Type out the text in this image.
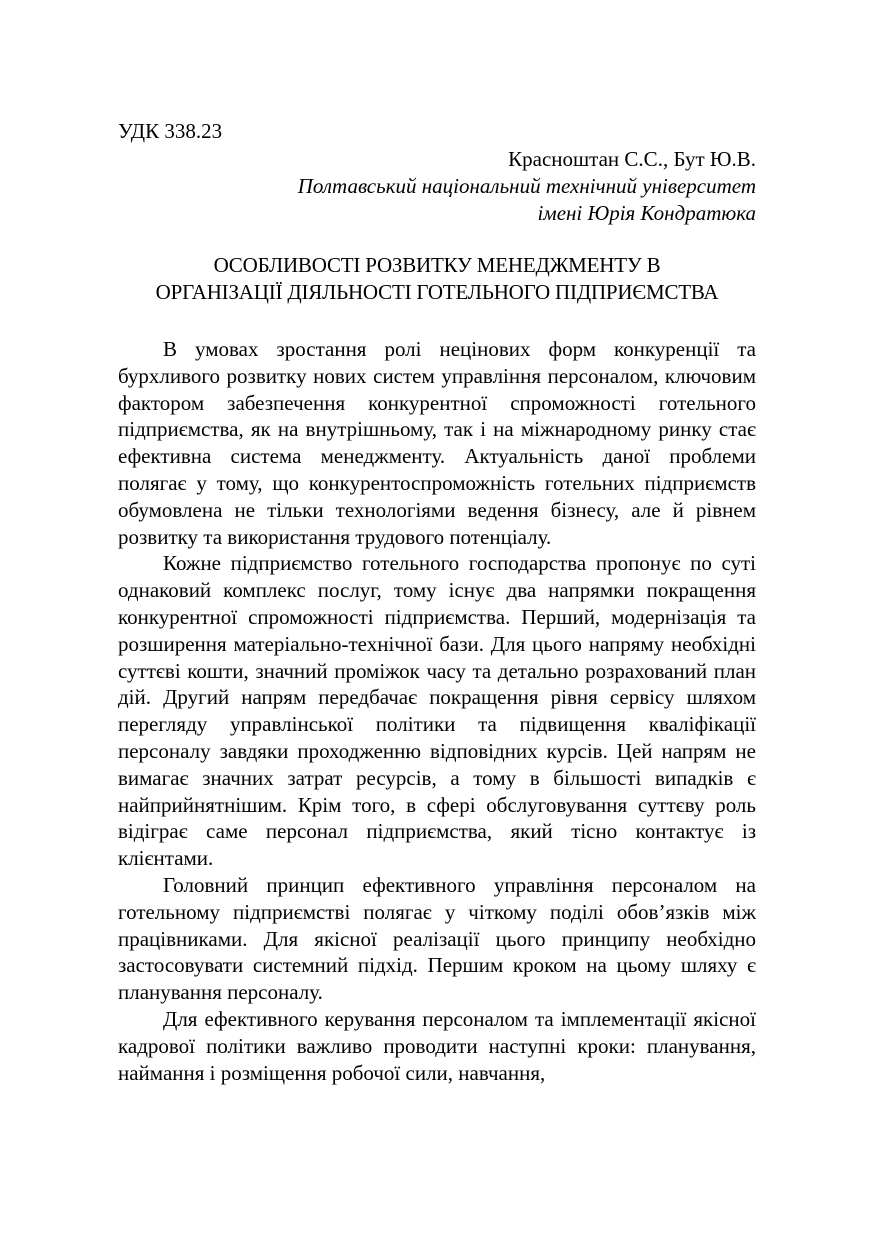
УДК 338.23

Красноштан С.С., Бут Ю.В.
Полтавський національний технічний університет
імені Юрія Кондратюка
ОСОБЛИВОСТІ РОЗВИТКУ МЕНЕДЖМЕНТУ В
ОРГАНІЗАЦІЇ ДІЯЛЬНОСТІ ГОТЕЛЬНОГО ПІДПРИЄМСТВА

В умовах зростання ролі нецінових форм конкуренції та бурхливого розвитку нових систем управління персоналом, ключовим фактором забезпечення конкурентної спроможності готельного підприємства, як на внутрішньому, так і на міжнародному ринку стає ефективна система менеджменту. Актуальність даної проблеми полягає у тому, що конкурентоспроможність готельних підприємств обумовлена не тільки технологіями ведення бізнесу, але й рівнем розвитку та використання трудового потенціалу.

Кожне підприємство готельного господарства пропонує по суті однаковий комплекс послуг, тому існує два напрямки покращення конкурентної спроможності підприємства. Перший, модернізація та розширення матеріально-технічної бази. Для цього напряму необхідні суттєві кошти, значний проміжок часу та детально розрахований план дій. Другий напрям передбачає покращення рівня сервісу шляхом перегляду управлінської політики та підвищення кваліфікації персоналу завдяки проходженню відповідних курсів. Цей напрям не вимагає значних затрат ресурсів, а тому в більшості випадків є найприйнятнішим. Крім того, в сфері обслуговування суттєву роль відіграє саме персонал підприємства, який тісно контактує із клієнтами.

Головний принцип ефективного управління персоналом на готельному підприємстві полягає у чіткому поділі обов’язків між працівниками. Для якісної реалізації цього принципу необхідно застосовувати системний підхід. Першим кроком на цьому шляху є планування персоналу.

Для ефективного керування персоналом та імплементації якісної кадрової політики важливо проводити наступні кроки: планування, наймання і розміщення робочої сили, навчання,
